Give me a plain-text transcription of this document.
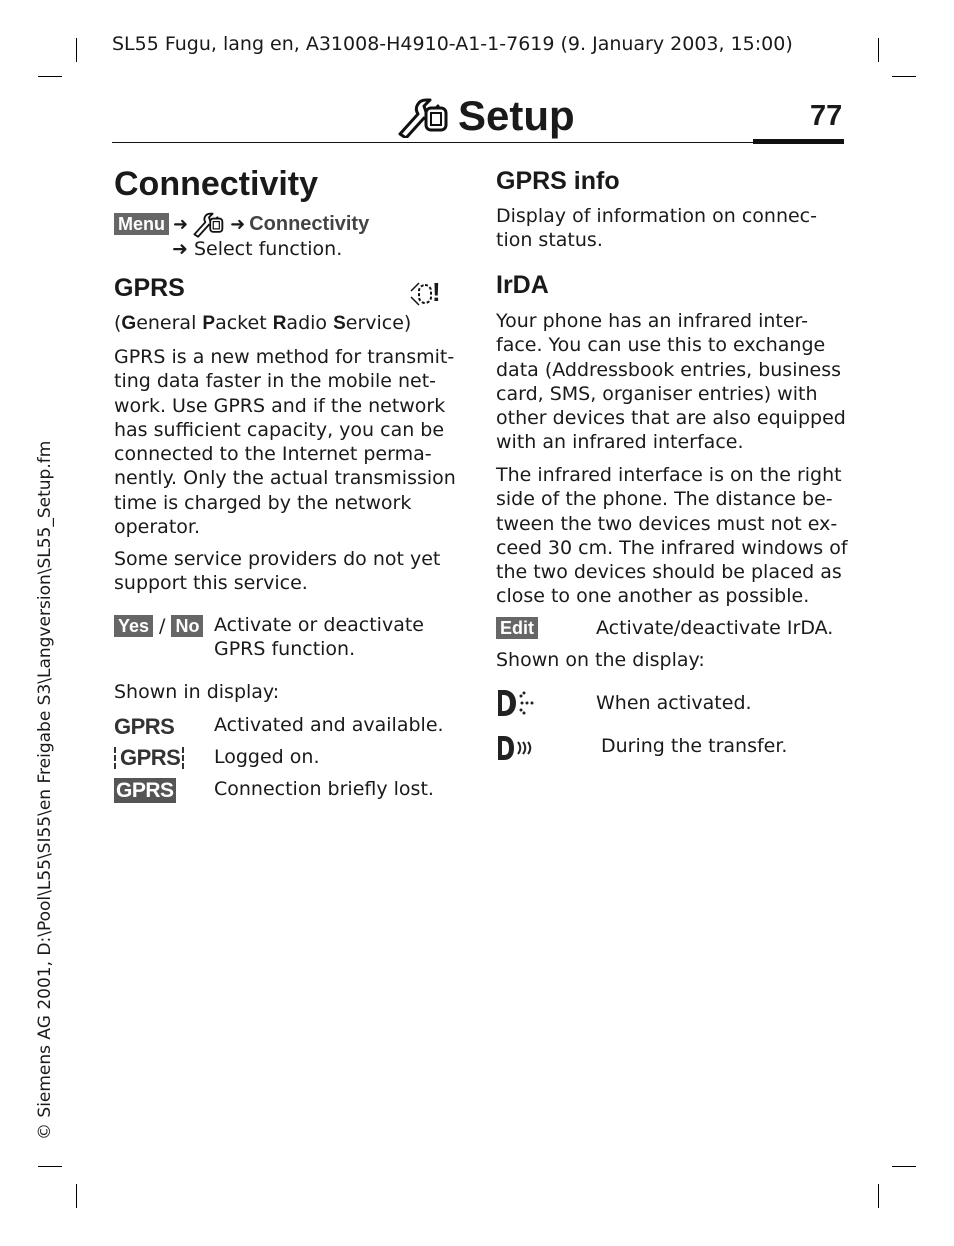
SL55 Fugu, lang en, A31008-H4910-A1-1-7619 (9. January 2003, 15:00)
Setup	77
© Siemens AG 2001, D:\Pool\L55\SI55\en Freigabe S3\Langversion\SL55_Setup.fm
Connectivity
Menu ➜ ➜ Connectivity
➜ Select function.
GPRS	!
(General Packet Radio Service)

GPRS is a new method for transmit-

ting data faster in the mobile net-

work. Use GPRS and if the network

has sufficient capacity, you can be

connected to the Internet perma-

nently. Only the actual transmission

time is charged by the network

operator.

Some service providers do not yet

support this service.

Yes / No Activate or deactivate

GPRS function.

Shown in display:
GPRS Activated and available.
GPRS Logged on.
GPRS Connection briefly lost.
GPRS info

Display of information on connec-

tion status.

IrDA

Your phone has an infrared inter-

face. You can use this to exchange

data (Addressbook entries, business

card, SMS, organiser entries) with

other devices that are also equipped

with an infrared interface.

The infrared interface is on the right

side of the phone. The distance be-

tween the two devices must not ex-

ceed 30 cm. The infrared windows of

the two devices should be placed as

close to one another as possible.

Edit	Activate/deactivate IrDA.
Shown on the display:
When activated.
During the transfer.
